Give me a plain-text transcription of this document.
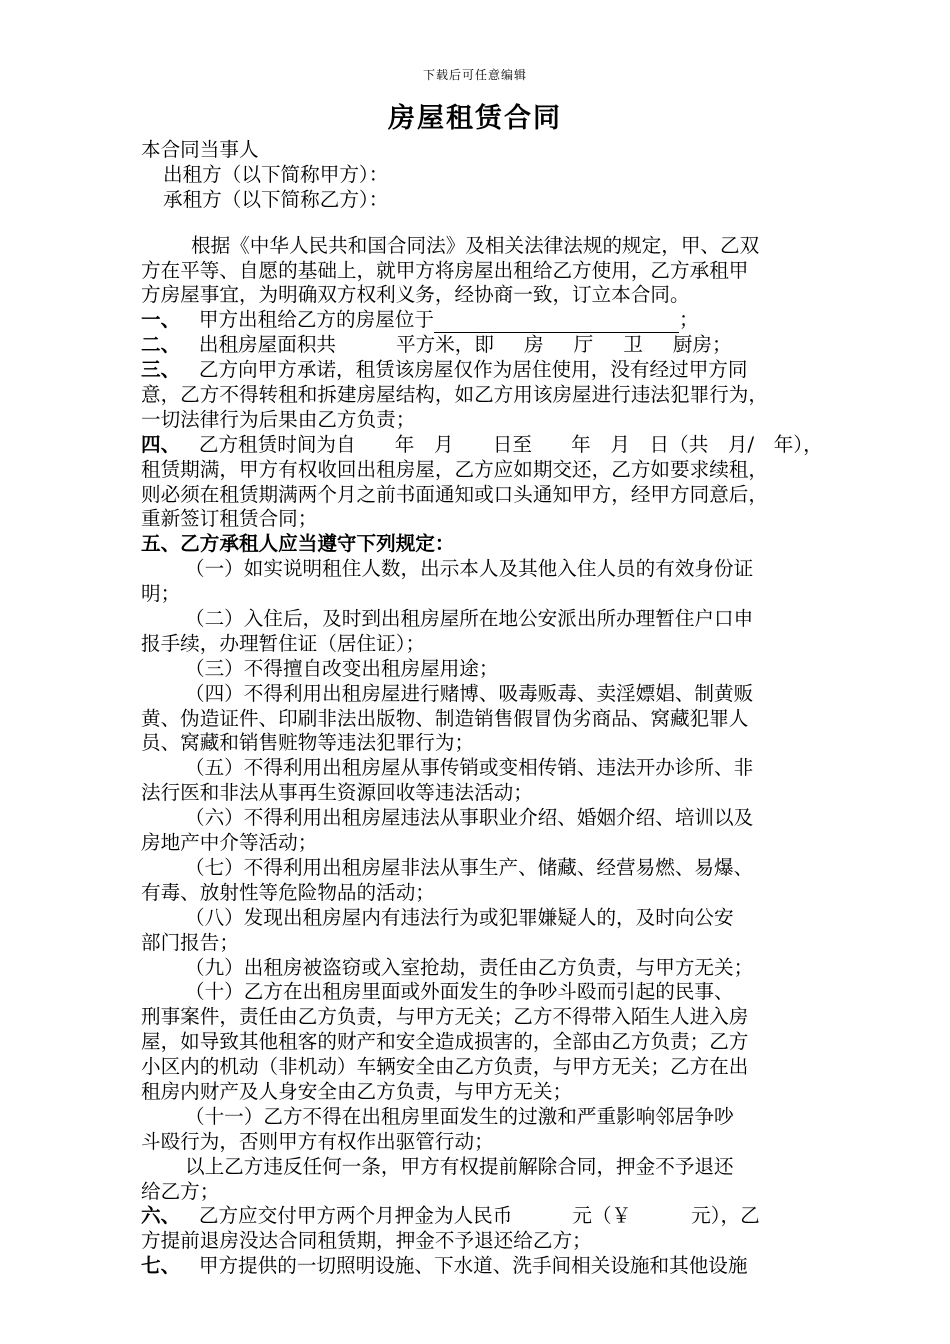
下载后可任意编辑
房屋租赁合同
本合同当事人
出租方（以下简称甲方）：
承租方（以下简称乙方）：
根据《中华人民共和国合同法》及相关法律法规的规定，甲、乙双
方在平等、自愿的基础上，就甲方将房屋出租给乙方使用，乙方承租甲
方房屋事宜，为明确双方权利义务，经协商一致，订立本合同。
一、 甲方出租给乙方的房屋位于	；
二、 出租房屋面积共	平方米，即 房 厅 卫 厨房；
三、 乙方向甲方承诺，租赁该房屋仅作为居住使用，没有经过甲方同
意，乙方不得转租和拆建房屋结构，如乙方用该房屋进行违法犯罪行为，
一切法律行为后果由乙方负责；
四、 乙方租赁时间为自　　年　月　　日至　　年　月　日（共　月/　年），
租赁期满，甲方有权收回出租房屋，乙方应如期交还，乙方如要求续租，
则必须在租赁期满两个月之前书面通知或口头通知甲方，经甲方同意后，
重新签订租赁合同；
五、乙方承租人应当遵守下列规定：
（一）如实说明租住人数，出示本人及其他入住人员的有效身份证
明；
（二）入住后，及时到出租房屋所在地公安派出所办理暂住户口申
报手续，办理暂住证（居住证）；
（三）不得擅自改变出租房屋用途；
（四）不得利用出租房屋进行赌博、吸毒贩毒、卖淫嫖娼、制黄贩
黄、伪造证件、印刷非法出版物、制造销售假冒伪劣商品、窝藏犯罪人
员、窝藏和销售赃物等违法犯罪行为；
（五）不得利用出租房屋从事传销或变相传销、违法开办诊所、非
法行医和非法从事再生资源回收等违法活动；
（六）不得利用出租房屋违法从事职业介绍、婚姻介绍、培训以及
房地产中介等活动；
（七）不得利用出租房屋非法从事生产、储藏、经营易燃、易爆、
有毒、放射性等危险物品的活动；
（八）发现出租房屋内有违法行为或犯罪嫌疑人的，及时向公安
部门报告；
（九）出租房被盗窃或入室抢劫，责任由乙方负责，与甲方无关；
（十）乙方在出租房里面或外面发生的争吵斗殴而引起的民事、
刑事案件，责任由乙方负责，与甲方无关；乙方不得带入陌生人进入房
屋，如导致其他租客的财产和安全造成损害的，全部由乙方负责；乙方
小区内的机动（非机动）车辆安全由乙方负责，与甲方无关；乙方在出
租房内财产及人身安全由乙方负责，与甲方无关；
（十一）乙方不得在出租房里面发生的过激和严重影响邻居争吵
斗殴行为，否则甲方有权作出驱管行动；
以上乙方违反任何一条，甲方有权提前解除合同，押金不予退还
给乙方；
六、 乙方应交付甲方两个月押金为人民币	元（￥	元），乙
方提前退房没达合同租赁期，押金不予退还给乙方；
七、 甲方提供的一切照明设施、下水道、洗手间相关设施和其他设施
